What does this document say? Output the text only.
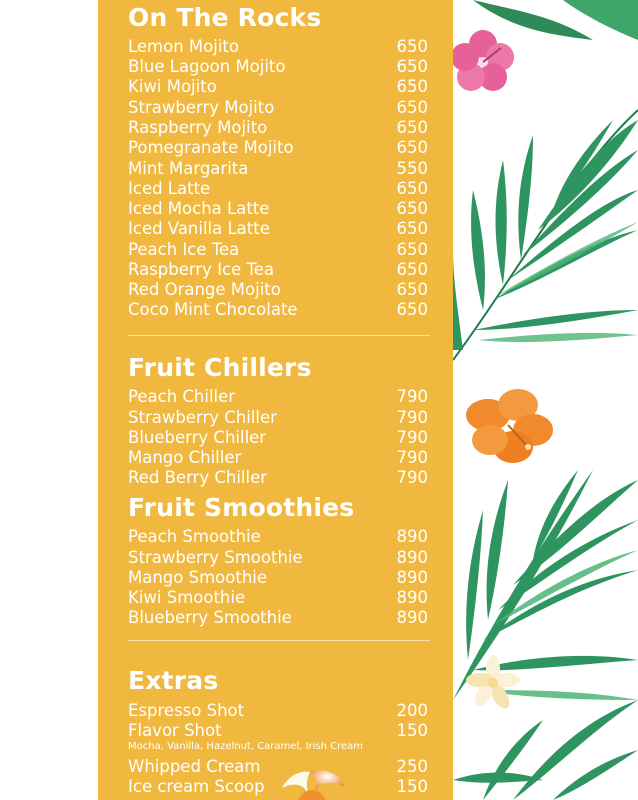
On The Rocks
Lemon Mojito	650
Blue Lagoon Mojito	650
Kiwi Mojito	650
Strawberry Mojito	650
Raspberry Mojito	650
Pomegranate Mojito	650
Mint Margarita	550
Iced Latte	650
Iced Mocha Latte	650
Iced Vanilla Latte	650
Peach Ice Tea	650
Raspberry Ice Tea	650
Red Orange Mojito	650
Coco Mint Chocolate	650
Fruit Chillers
Peach Chiller	790
Strawberry Chiller	790
Blueberry Chiller	790
Mango Chiller	790
Red Berry Chiller	790
Fruit Smoothies
Peach Smoothie	890
Strawberry Smoothie	890
Mango Smoothie	890
Kiwi Smoothie	890
Blueberry Smoothie	890
Extras
Espresso Shot	200
Flavor Shot	150
Mocha, Vanilla, Hazelnut, Caramel, Irish Cream
Whipped Cream	250
Ice cream Scoop	150
